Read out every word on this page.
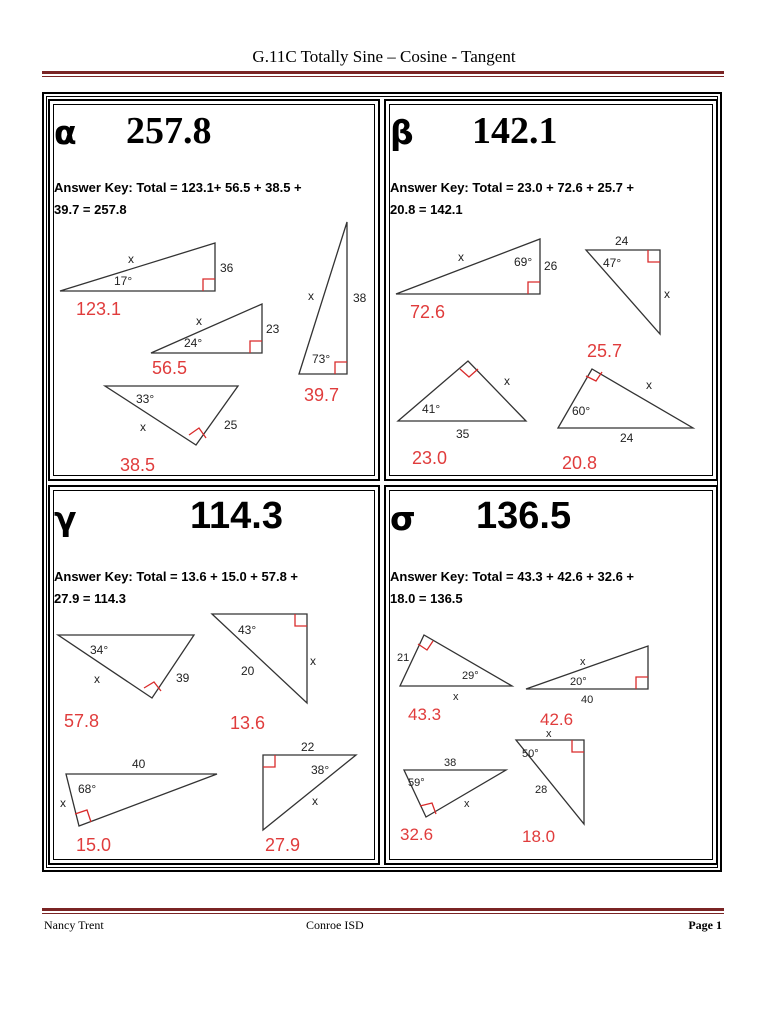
G.11C Totally Sine – Cosine - Tangent
α 257.8
Answer Key: Total = 123.1+ 56.5 + 38.5 +
39.7 = 257.8
x
17°
36
x
24°
23
33°
x	25
x	38
73°
123.1
56.5
38.5
39.7
β 142.1
Answer Key: Total = 23.0 + 72.6 + 25.7 +
20.8 = 142.1
x	69° 26
24
47°
x
41°
x
35
60°
x
24
72.6
25.7
23.0	20.8
γ	114.3
Answer Key: Total = 13.6 + 15.0 + 57.8 +
27.9 = 114.3
34°
x	39
43°
20
x
40
68°
x
22
38°
x
57.8	13.6
15.0	27.9
σ 136.5
Answer Key: Total = 43.3 + 42.6 + 32.6 +
18.0 = 136.5
21
29°
x
x
20°
40
38
59°
x
x
50°
28
43.3	42.6
32.6	18.0
Nancy Trent	Conroe ISD	Page 1
